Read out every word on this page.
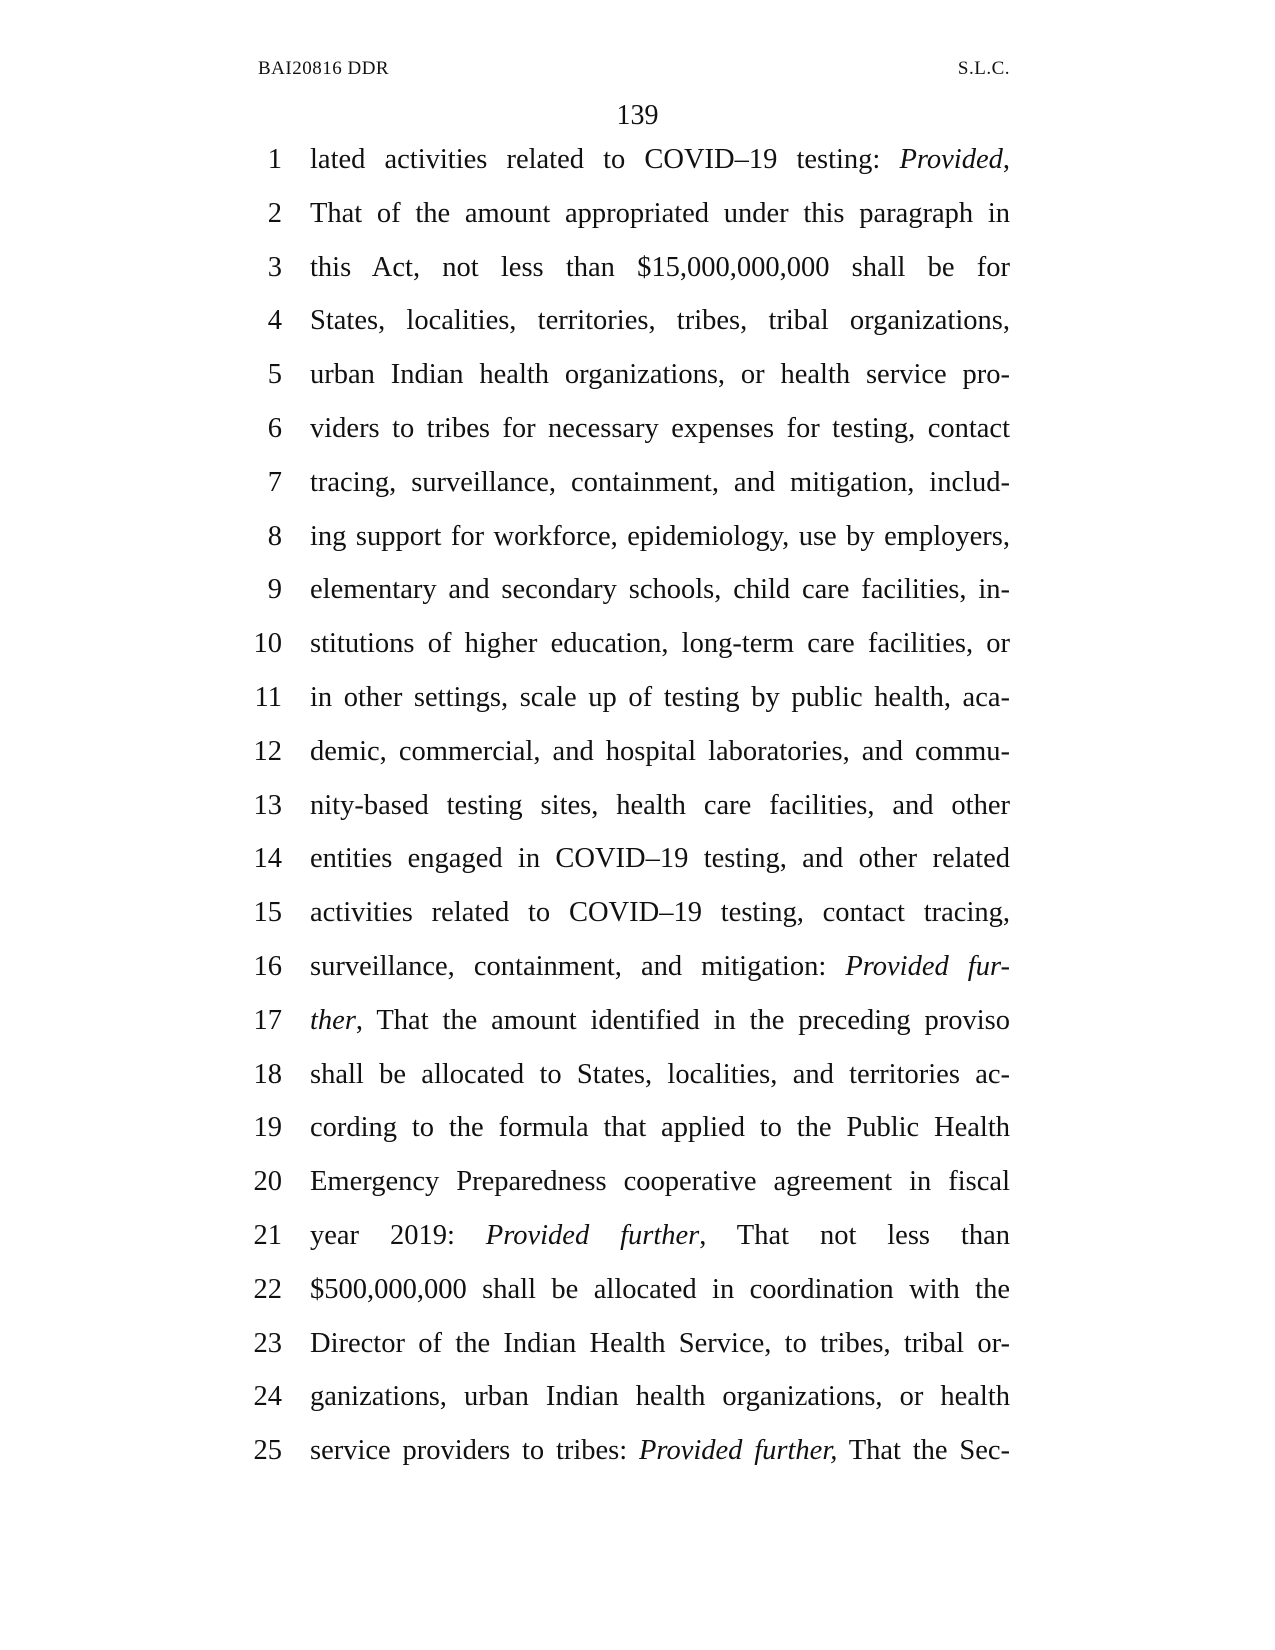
BAI20816 DDR	S.L.C.
139
1 lated activities related to COVID–19 testing: Provided,
2 That of the amount appropriated under this paragraph in
3 this Act, not less than $15,000,000,000 shall be for
4 States, localities, territories, tribes, tribal organizations,
5 urban Indian health organizations, or health service pro-
6 viders to tribes for necessary expenses for testing, contact
7 tracing, surveillance, containment, and mitigation, includ-
8 ing support for workforce, epidemiology, use by employers,
9 elementary and secondary schools, child care facilities, in-
10 stitutions of higher education, long-term care facilities, or
11 in other settings, scale up of testing by public health, aca-
12 demic, commercial, and hospital laboratories, and commu-
13 nity-based testing sites, health care facilities, and other
14 entities engaged in COVID–19 testing, and other related
15 activities related to COVID–19 testing, contact tracing,
16 surveillance, containment, and mitigation: Provided fur-
17 ther, That the amount identified in the preceding proviso
18 shall be allocated to States, localities, and territories ac-
19 cording to the formula that applied to the Public Health
20 Emergency Preparedness cooperative agreement in fiscal
21 year 2019: Provided further, That not less than
22 $500,000,000 shall be allocated in coordination with the
23 Director of the Indian Health Service, to tribes, tribal or-
24 ganizations, urban Indian health organizations, or health
25 service providers to tribes: Provided further, That the Sec-
